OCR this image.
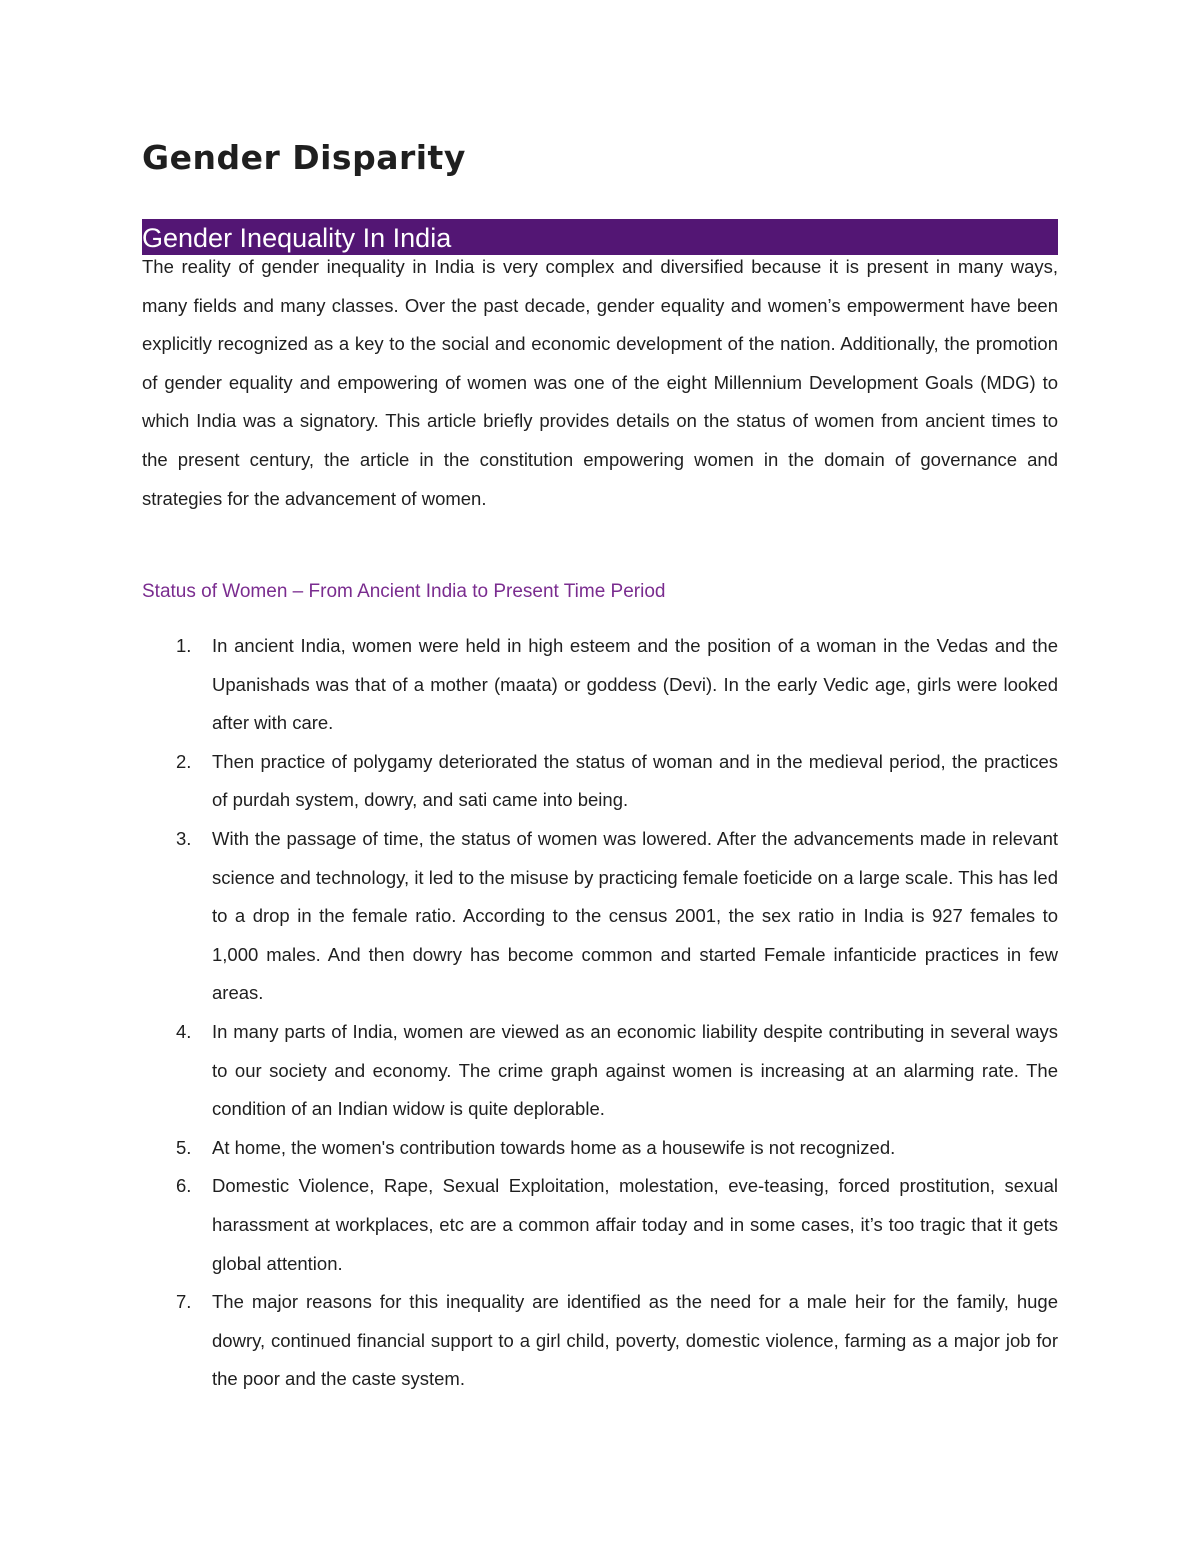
Gender Disparity
Gender Inequality In India

The reality of gender inequality in India is very complex and diversified because it is present in many ways, many fields and many classes. Over the past decade, gender equality and women’s empowerment have been explicitly recognized as a key to the social and economic development of the nation. Additionally, the promotion of gender equality and empowering of women was one of the eight Millennium Development Goals (MDG) to which India was a signatory. This article briefly provides details on the status of women from ancient times to the present century, the article in the constitution empowering women in the domain of governance and strategies for the advancement of women.

Status of Women – From Ancient India to Present Time Period
1.	In ancient India, women were held in high esteem and the position of a woman in the Vedas and the Upanishads was that of a mother (maata) or goddess (Devi). In the early Vedic age, girls were looked after with care.
2.	Then practice of polygamy deteriorated the status of woman and in the medieval period, the practices of purdah system, dowry, and sati came into being.
3.	With the passage of time, the status of women was lowered. After the advancements made in relevant science and technology, it led to the misuse by practicing female foeticide on a large scale. This has led to a drop in the female ratio. According to the census 2001, the sex ratio in India is 927 females to 1,000 males. And then dowry has become common and started Female infanticide practices in few areas.
4.	In many parts of India, women are viewed as an economic liability despite contributing in several ways to our society and economy. The crime graph against women is increasing at an alarming rate. The condition of an Indian widow is quite deplorable.
5.	At home, the women's contribution towards home as a housewife is not recognized.
6.	Domestic Violence, Rape, Sexual Exploitation, molestation, eve-teasing, forced prostitution, sexual harassment at workplaces, etc are a common affair today and in some cases, it’s too tragic that it gets global attention.
7.	The major reasons for this inequality are identified as the need for a male heir for the family, huge dowry, continued financial support to a girl child, poverty, domestic violence, farming as a major job for the poor and the caste system.
